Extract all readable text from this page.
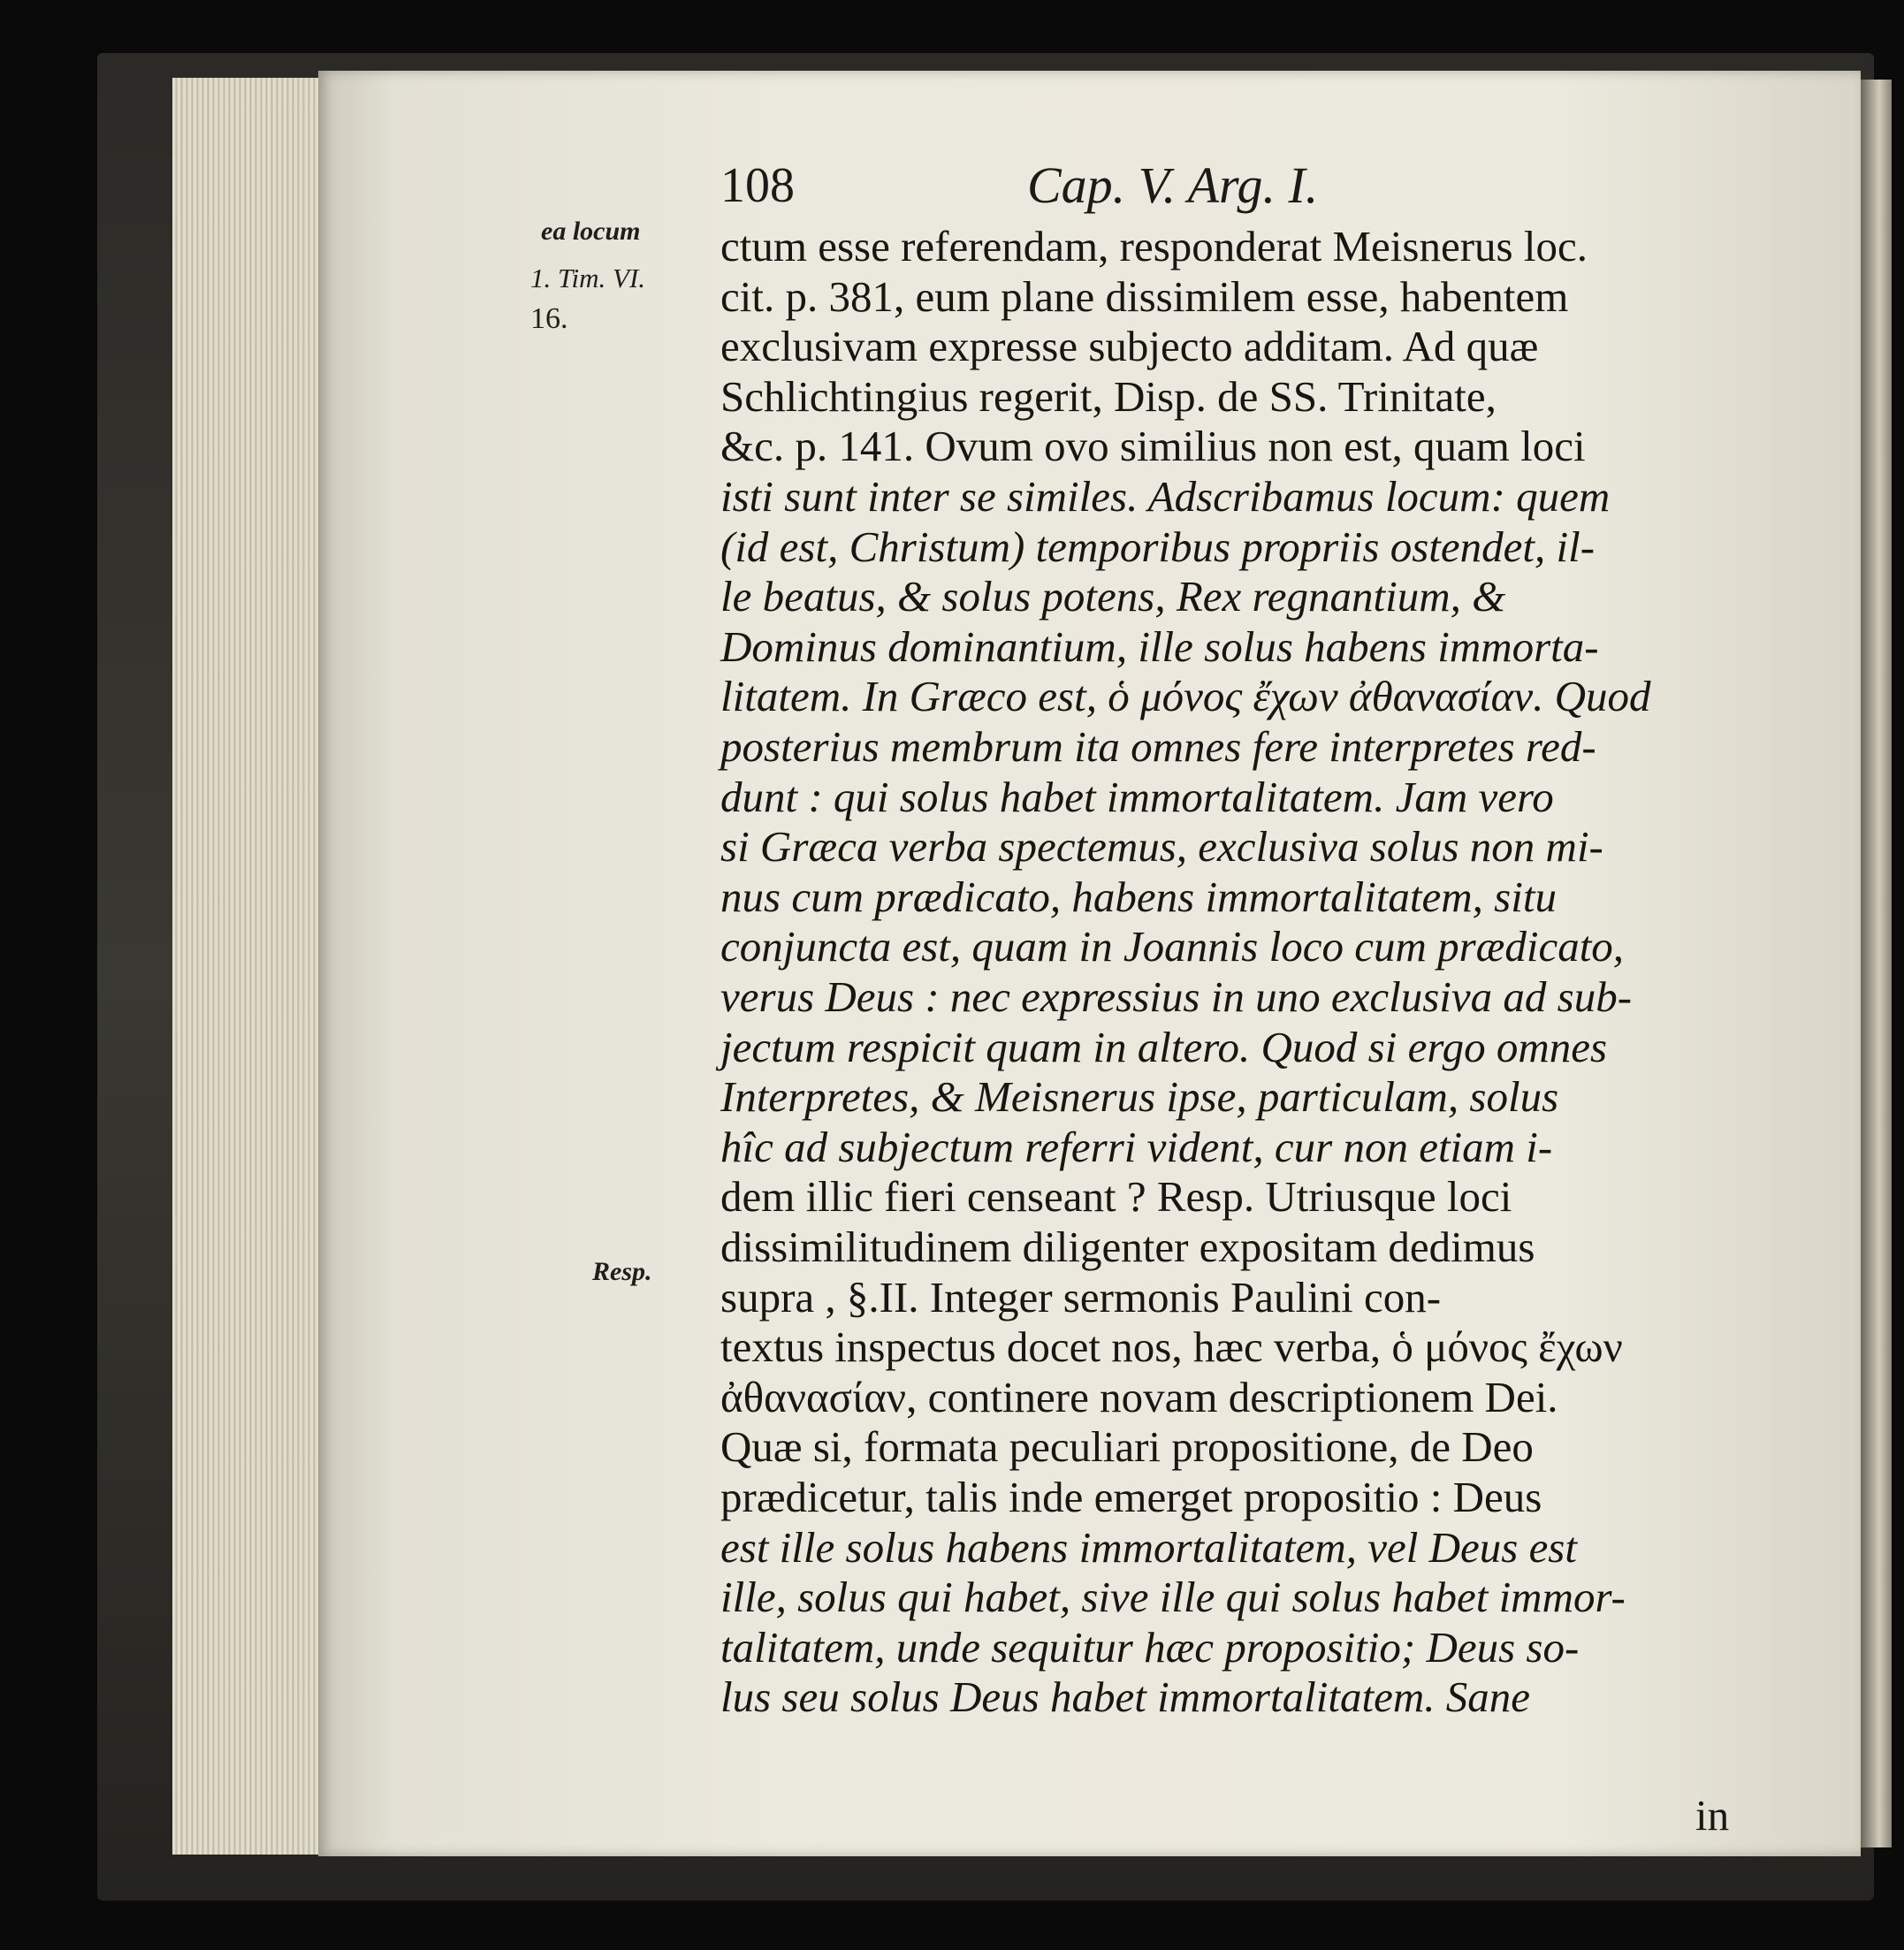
108	Cap. V. Arg. I.
ea locum
1. Tim. VI.
16.
Resp.
ctum esse referendam, responderat Meisnerus loc.
cit. p. 381, eum plane dissimilem esse, habentem
exclusivam expresse subjecto additam. Ad quæ
Schlichtingius regerit, Disp. de SS. Trinitate,
&c. p. 141. Ovum ovo similius non est, quam loci
isti sunt inter se similes. Adscribamus locum: quem
(id est, Christum) temporibus propriis ostendet, il-
le beatus, & solus potens, Rex regnantium, &
Dominus dominantium, ille solus habens immorta-
litatem. In Græco est, ὁ μόνος ἔχων ἀθανασίαν. Quod
posterius membrum ita omnes fere interpretes red-
dunt : qui solus habet immortalitatem. Jam vero
si Græca verba spectemus, exclusiva solus non mi-
nus cum prædicato, habens immortalitatem, situ
conjuncta est, quam in Joannis loco cum prædicato,
verus Deus : nec expressius in uno exclusiva ad sub-
jectum respicit quam in altero. Quod si ergo omnes
Interpretes, & Meisnerus ipse, particulam, solus
hîc ad subjectum referri vident, cur non etiam i-
dem illic fieri censeant ? Resp. Utriusque loci
dissimilitudinem diligenter expositam dedimus
supra , §.II. Integer sermonis Paulini con-
textus inspectus docet nos, hæc verba, ὁ μόνος ἔχων
ἀθανασίαν, continere novam descriptionem Dei.
Quæ si, formata peculiari propositione, de Deo
prædicetur, talis inde emerget propositio : Deus
est ille solus habens immortalitatem, vel Deus est
ille, solus qui habet, sive ille qui solus habet immor-
talitatem, unde sequitur hæc propositio; Deus so-
lus seu solus Deus habet immortalitatem. Sane
in
